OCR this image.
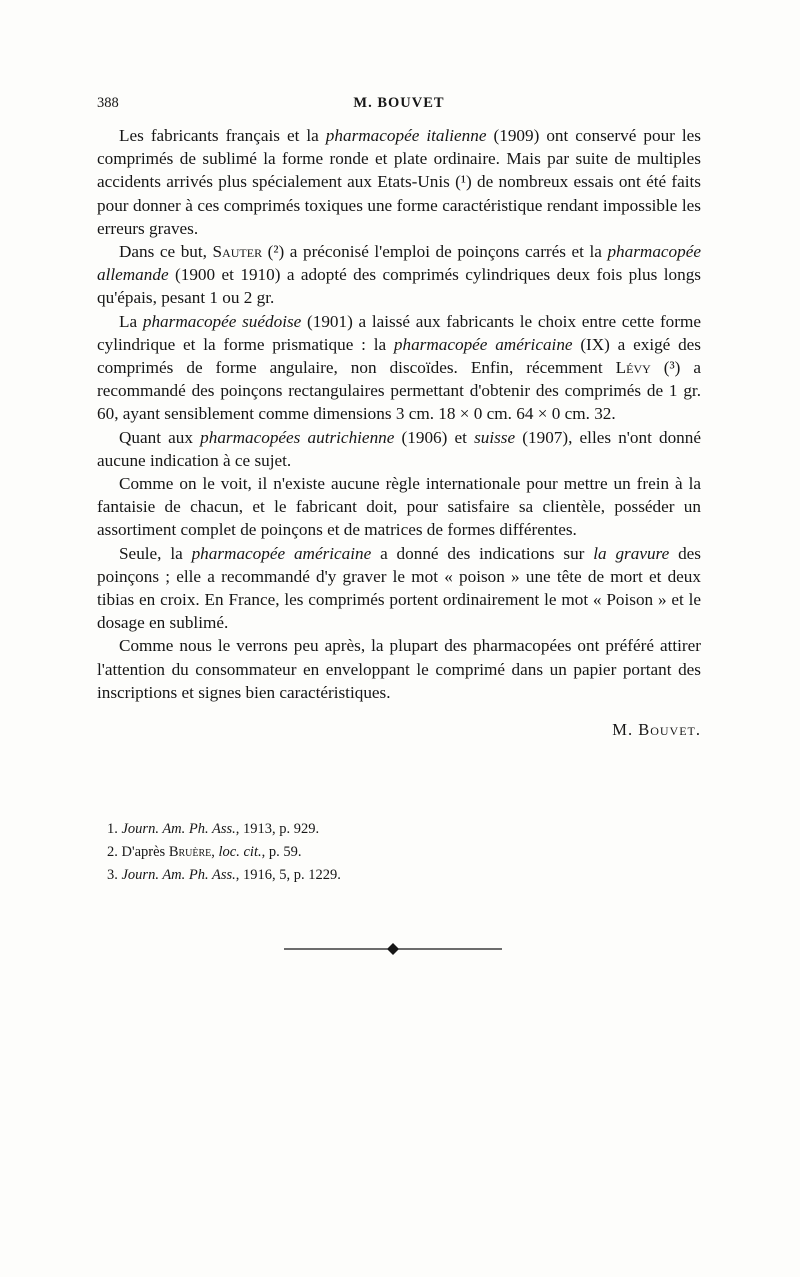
388	M. BOUVET

Les fabricants français et la pharmacopée italienne (1909) ont conservé pour les comprimés de sublimé la forme ronde et plate ordinaire. Mais par suite de multiples accidents arrivés plus spécialement aux Etats-Unis (¹) de nombreux essais ont été faits pour donner à ces comprimés toxiques une forme caractéristique rendant impossible les erreurs graves.

Dans ce but, Sauter (²) a préconisé l'emploi de poinçons carrés et la pharmacopée allemande (1900 et 1910) a adopté des comprimés cylindriques deux fois plus longs qu'épais, pesant 1 ou 2 gr.

La pharmacopée suédoise (1901) a laissé aux fabricants le choix entre cette forme cylindrique et la forme prismatique : la pharmacopée américaine (IX) a exigé des comprimés de forme angulaire, non discoïdes. Enfin, récemment Lévy (³) a recommandé des poinçons rectangulaires permettant d'obtenir des comprimés de 1 gr. 60, ayant sensiblement comme dimensions 3 cm. 18 × 0 cm. 64 × 0 cm. 32.

Quant aux pharmacopées autrichienne (1906) et suisse (1907), elles n'ont donné aucune indication à ce sujet.

Comme on le voit, il n'existe aucune règle internationale pour mettre un frein à la fantaisie de chacun, et le fabricant doit, pour satisfaire sa clientèle, posséder un assortiment complet de poinçons et de matrices de formes différentes.

Seule, la pharmacopée américaine a donné des indications sur la gravure des poinçons ; elle a recommandé d'y graver le mot « poison » une tête de mort et deux tibias en croix. En France, les comprimés portent ordinairement le mot « Poison » et le dosage en sublimé.

Comme nous le verrons peu après, la plupart des pharmacopées ont préféré attirer l'attention du consommateur en enveloppant le comprimé dans un papier portant des inscriptions et signes bien caractéristiques.

M. Bouvet.
1. Journ. Am. Ph. Ass., 1913, p. 929.
2. D'après Bruère, loc. cit., p. 59.
3. Journ. Am. Ph. Ass., 1916, 5, p. 1229.
